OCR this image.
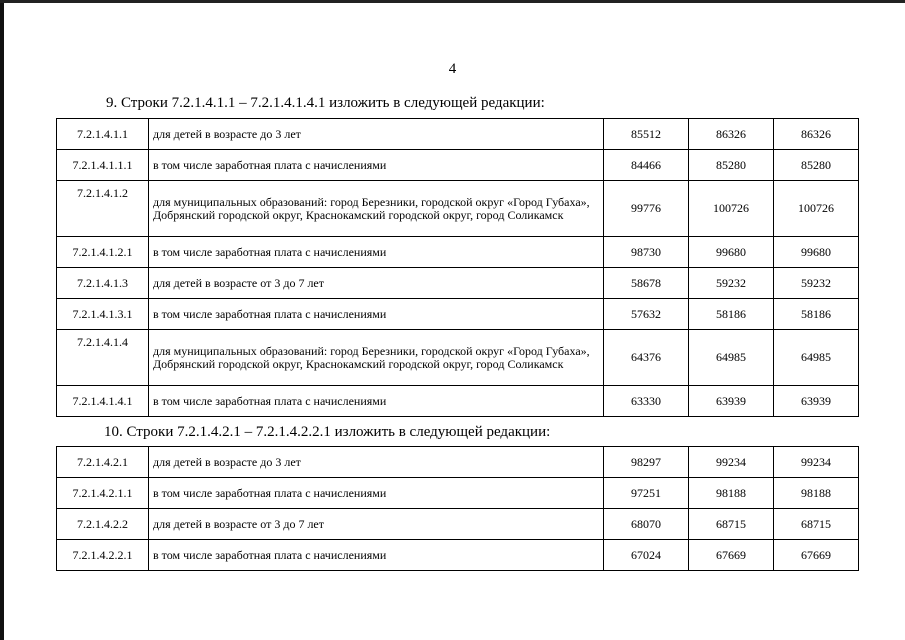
4
9. Строки 7.2.1.4.1.1 – 7.2.1.4.1.4.1 изложить в следующей редакции:
7.2.1.4.1.1	для детей в возрасте до 3 лет	85512	86326	86326
7.2.1.4.1.1.1	в том числе заработная плата с начислениями	84466	85280	85280
7.2.1.4.1.2	для муниципальных образований: город Березники, городской округ «Город Губаха», Добрянский городской округ, Краснокамский городской округ, город Соликамск	99776	100726	100726
7.2.1.4.1.2.1	в том числе заработная плата с начислениями	98730	99680	99680
7.2.1.4.1.3	для детей в возрасте от 3 до 7 лет	58678	59232	59232
7.2.1.4.1.3.1	в том числе заработная плата с начислениями	57632	58186	58186
7.2.1.4.1.4	для муниципальных образований: город Березники, городской округ «Город Губаха», Добрянский городской округ, Краснокамский городской округ, город Соликамск	64376	64985	64985
7.2.1.4.1.4.1	в том числе заработная плата с начислениями	63330	63939	63939
10. Строки 7.2.1.4.2.1 – 7.2.1.4.2.2.1 изложить в следующей редакции:
7.2.1.4.2.1	для детей в возрасте до 3 лет	98297	99234	99234
7.2.1.4.2.1.1	в том числе заработная плата с начислениями	97251	98188	98188
7.2.1.4.2.2	для детей в возрасте от 3 до 7 лет	68070	68715	68715
7.2.1.4.2.2.1	в том числе заработная плата с начислениями	67024	67669	67669
